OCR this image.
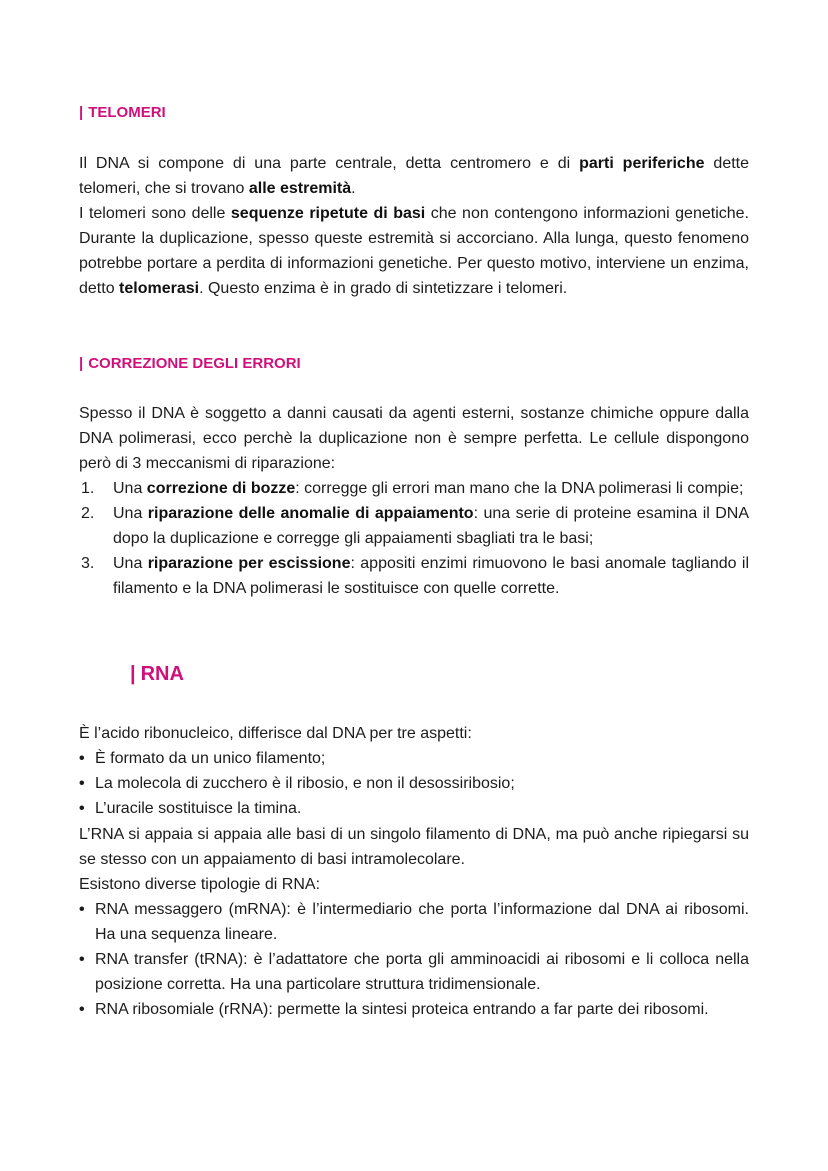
| TELOMERI

Il DNA si compone di una parte centrale, detta centromero e di parti periferiche dette telomeri, che si trovano alle estremità.

I telomeri sono delle sequenze ripetute di basi che non contengono informazioni genetiche. Durante la duplicazione, spesso queste estremità si accorciano. Alla lunga, questo fenomeno potrebbe portare a perdita di informazioni genetiche. Per questo motivo, interviene un enzima, detto telomerasi. Questo enzima è in grado di sintetizzare i telomeri.

| CORREZIONE DEGLI ERRORI

Spesso il DNA è soggetto a danni causati da agenti esterni, sostanze chimiche oppure dalla DNA polimerasi, ecco perchè la duplicazione non è sempre perfetta. Le cellule dispongono però di 3 meccanismi di riparazione:

1. Una correzione di bozze: corregge gli errori man mano che la DNA polimerasi li compie;
2. Una riparazione delle anomalie di appaiamento: una serie di proteine esamina il DNA dopo la duplicazione e corregge gli appaiamenti sbagliati tra le basi;
3. Una riparazione per escissione: appositi enzimi rimuovono le basi anomale tagliando il filamento e la DNA polimerasi le sostituisce con quelle corrette.
| RNA

È l’acido ribonucleico, differisce dal DNA per tre aspetti:

• È formato da un unico filamento;
• La molecola di zucchero è il ribosio, e non il desossiribosio;
• L’uracile sostituisce la timina.

L’RNA si appaia si appaia alle basi di un singolo filamento di DNA, ma può anche ripiegarsi su se stesso con un appaiamento di basi intramolecolare.

Esistono diverse tipologie di RNA:

• RNA messaggero (mRNA): è l’intermediario che porta l’informazione dal DNA ai ribosomi. Ha una sequenza lineare.
• RNA transfer (tRNA): è l’adattatore che porta gli amminoacidi ai ribosomi e li colloca nella posizione corretta. Ha una particolare struttura tridimensionale.
• RNA ribosomiale (rRNA): permette la sintesi proteica entrando a far parte dei ribosomi.
